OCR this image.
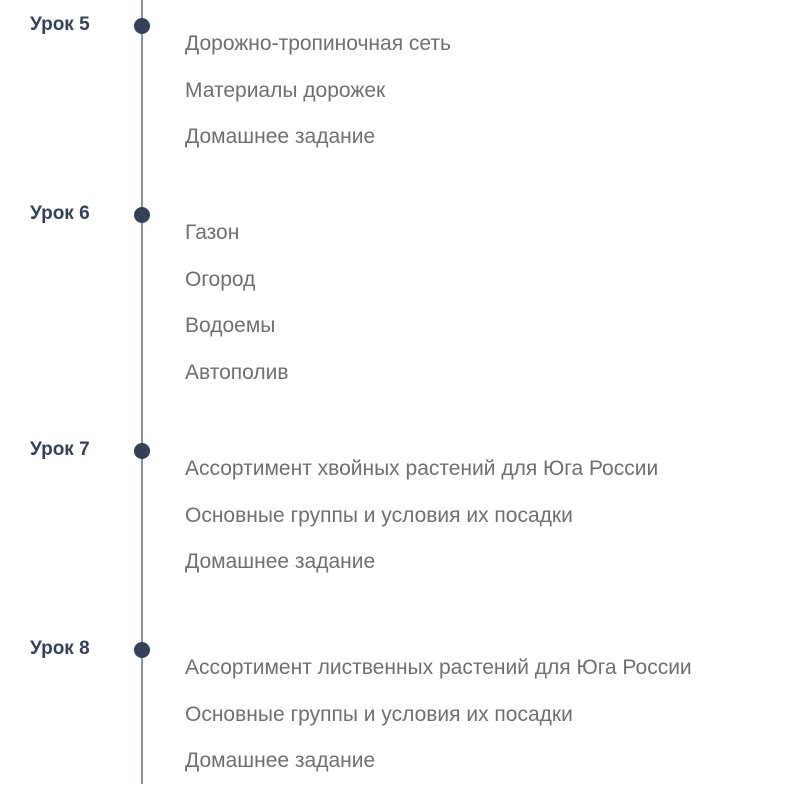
Урок 5
Дорожно-тропиночная сеть
Материалы дорожек
Домашнее задание
Урок 6
Газон
Огород
Водоемы
Автополив
Урок 7
Ассортимент хвойных растений для Юга России
Основные группы и условия их посадки
Домашнее задание
Урок 8
Ассортимент лиственных растений для Юга России
Основные группы и условия их посадки
Домашнее задание
